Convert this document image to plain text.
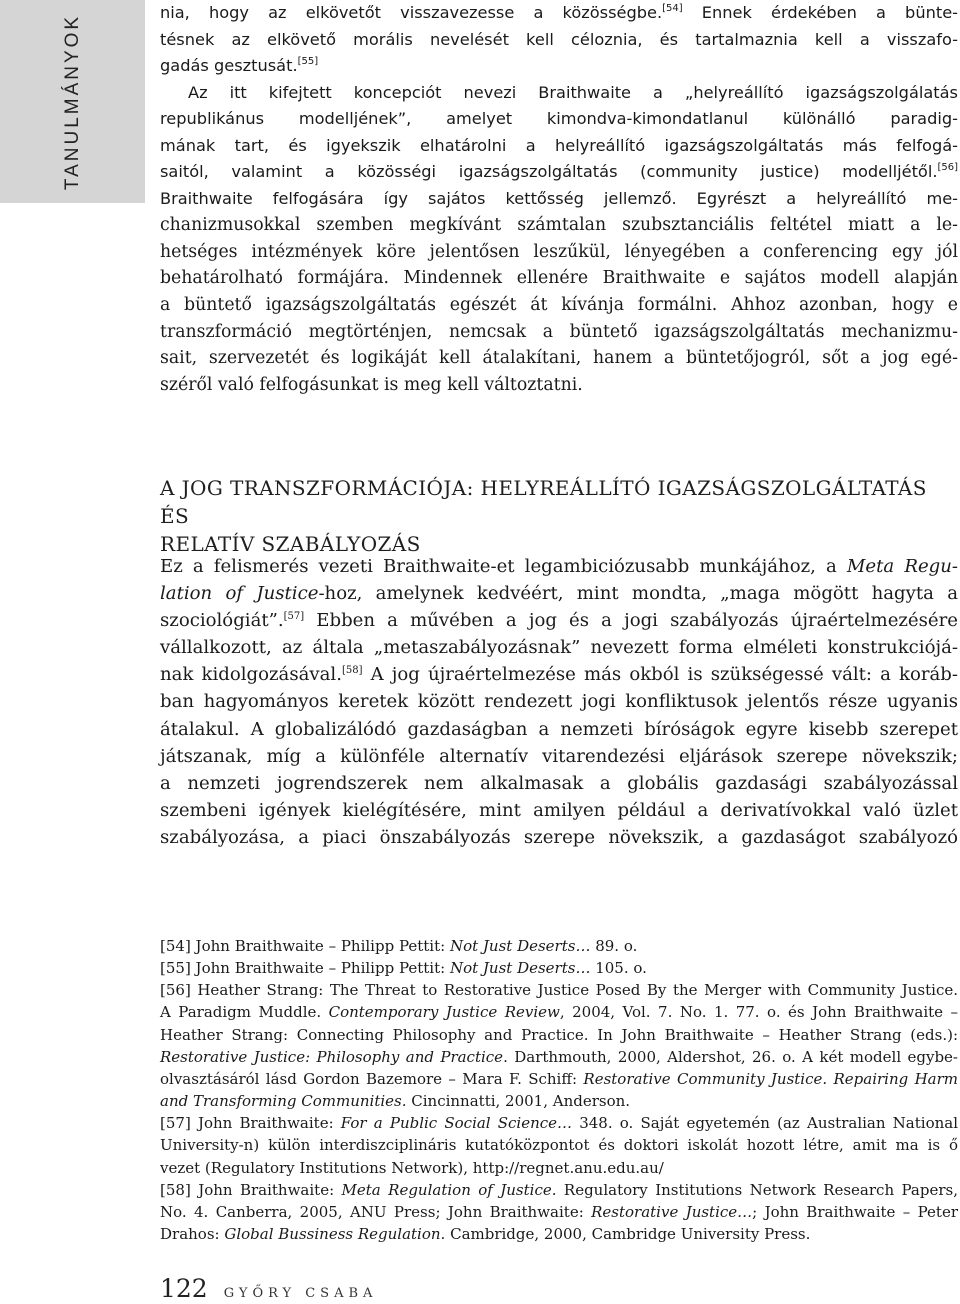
TANULMÁNYOK

nia, hogy az elkövetőt visszavezesse a közösségbe.[54] Ennek érdekében a bünte-

tésnek az elkövető morális nevelését kell céloznia, és tartalmaznia kell a visszafo-

gadás gesztusát.[55]

Az itt kifejtett koncepciót nevezi Braithwaite a „helyreállító igazságszolgálatás

republikánus modelljének”, amelyet kimondva-kimondatlanul különálló paradig-

mának tart, és igyekszik elhatárolni a helyreállító igazságszolgáltatás más felfogá-

saitól, valamint a közösségi igazságszolgáltatás (community justice) modelljétől.[56]

Braithwaite felfogására így sajátos kettősség jellemző. Egyrészt a helyreállító me-

chanizmusokkal szemben megkívánt számtalan szubsztanciális feltétel miatt a le-

hetséges intézmények köre jelentősen leszűkül, lényegében a conferencing egy jól

behatárolható formájára. Mindennek ellenére Braithwaite e sajátos modell alapján

a büntető igazságszolgáltatás egészét át kívánja formálni. Ahhoz azonban, hogy e

transzformáció megtörténjen, nemcsak a büntető igazságszolgáltatás mechanizmu-

sait, szervezetét és logikáját kell átalakítani, hanem a büntetőjogról, sőt a jog egé-

széről való felfogásunkat is meg kell változtatni.

A JOG TRANSZFORMÁCIÓJA: HELYREÁLLÍTÓ IGAZSÁGSZOLGÁLTATÁS ÉS
RELATÍV SZABÁLYOZÁS

Ez a felismerés vezeti Braithwaite-et legambiciózusabb munkájához, a Meta Regu-

lation of Justice-hoz, amelynek kedvéért, mint mondta, „maga mögött hagyta a

szociológiát”.[57] Ebben a művében a jog és a jogi szabályozás újraértelmezésére

vállalkozott, az általa „metaszabályozásnak” nevezett forma elméleti konstrukciójá-

nak kidolgozásával.[58] A jog újraértelmezése más okból is szükségessé vált: a koráb-

ban hagyományos keretek között rendezett jogi konfliktusok jelentős része ugyanis

átalakul. A globalizálódó gazdaságban a nemzeti bíróságok egyre kisebb szerepet

játszanak, míg a különféle alternatív vitarendezési eljárások szerepe növekszik;

a nemzeti jogrendszerek nem alkalmasak a globális gazdasági szabályozással

szembeni igények kielégítésére, mint amilyen például a derivatívokkal való üzlet

szabályozása, a piaci önszabályozás szerepe növekszik, a gazdaságot szabályozó

[54] John Braithwaite – Philipp Pettit: Not Just Deserts… 89. o.

[55] John Braithwaite – Philipp Pettit: Not Just Deserts… 105. o.

[56] Heather Strang: The Threat to Restorative Justice Posed By the Merger with Community Justice.

A Paradigm Muddle. Contemporary Justice Review, 2004, Vol. 7. No. 1. 77. o. és John Braithwaite –

Heather Strang: Connecting Philosophy and Practice. In John Braithwaite – Heather Strang (eds.):

Restorative Justice: Philosophy and Practice. Darthmouth, 2000, Aldershot, 26. o. A két modell egybe-

olvasztásáról lásd Gordon Bazemore – Mara F. Schiff: Restorative Community Justice. Repairing Harm

and Transforming Communities. Cincinnatti, 2001, Anderson.

[57] John Braithwaite: For a Public Social Science… 348. o. Saját egyetemén (az Australian National

University-n) külön interdiszciplináris kutatóközpontot és doktori iskolát hozott létre, amit ma is ő

vezet (Regulatory Institutions Network), http://regnet.anu.edu.au/

[58] John Braithwaite: Meta Regulation of Justice. Regulatory Institutions Network Research Papers,

No. 4. Canberra, 2005, ANU Press; John Braithwaite: Restorative Justice…; John Braithwaite – Peter

Drahos: Global Bussiness Regulation. Cambridge, 2000, Cambridge University Press.

122 GYŐRY CSABA
